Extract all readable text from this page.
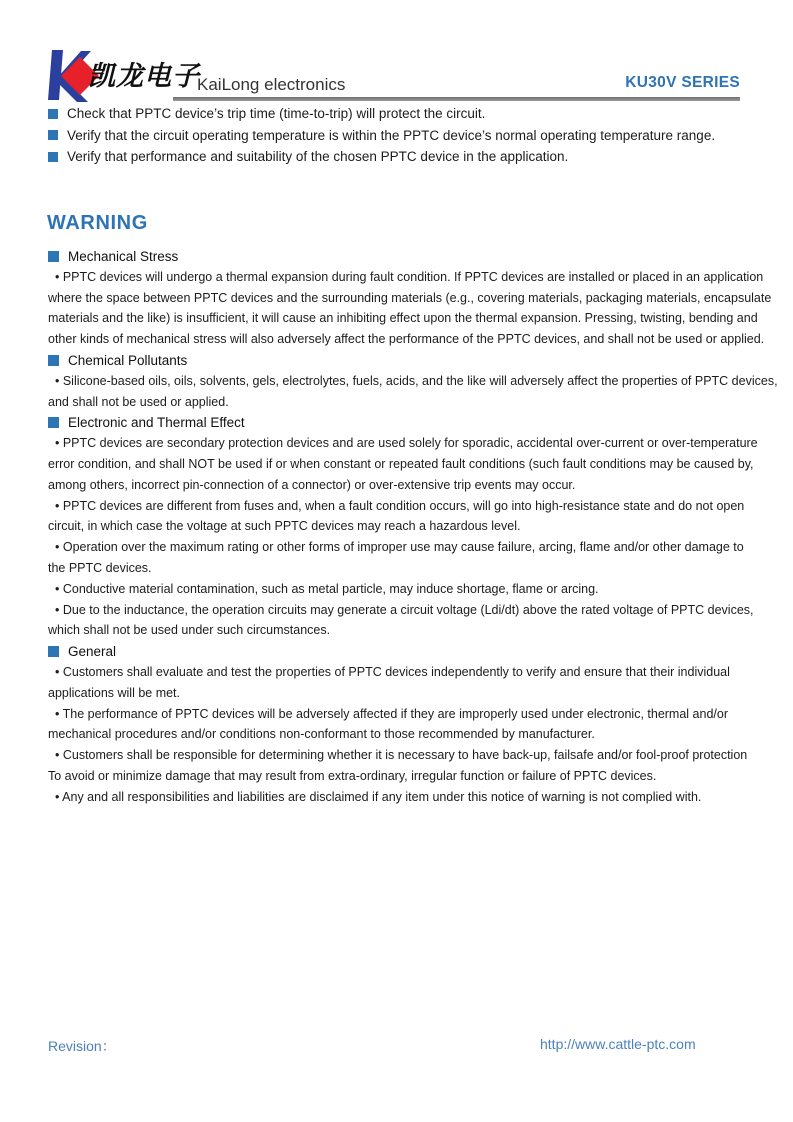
凯龙电子
KaiLong electronics	KU30V SERIES
Check that PPTC device’s trip time (time-to-trip) will protect the circuit.
Verify that the circuit operating temperature is within the PPTC device’s normal operating temperature range.
Verify that performance and suitability of the chosen PPTC device in the application.
WARNING
Mechanical Stress
• PPTC devices will undergo a thermal expansion during fault condition. If PPTC devices are installed or placed in an application
where the space between PPTC devices and the surrounding materials (e.g., covering materials, packaging materials, encapsulate
materials and the like) is insufficient, it will cause an inhibiting effect upon the thermal expansion. Pressing, twisting, bending and
other kinds of mechanical stress will also adversely affect the performance of the PPTC devices, and shall not be used or applied.
Chemical Pollutants
• Silicone-based oils, oils, solvents, gels, electrolytes, fuels, acids, and the like will adversely affect the properties of PPTC devices,
and shall not be used or applied.
Electronic and Thermal Effect
• PPTC devices are secondary protection devices and are used solely for sporadic, accidental over-current or over-temperature
error condition, and shall NOT be used if or when constant or repeated fault conditions (such fault conditions may be caused by,
among others, incorrect pin-connection of a connector) or over-extensive trip events may occur.
• PPTC devices are different from fuses and, when a fault condition occurs, will go into high-resistance state and do not open
circuit, in which case the voltage at such PPTC devices may reach a hazardous level.
• Operation over the maximum rating or other forms of improper use may cause failure, arcing, flame and/or other damage to
the PPTC devices.
• Conductive material contamination, such as metal particle, may induce shortage, flame or arcing.
• Due to the inductance, the operation circuits may generate a circuit voltage (Ldi/dt) above the rated voltage of PPTC devices,
which shall not be used under such circumstances.
General
• Customers shall evaluate and test the properties of PPTC devices independently to verify and ensure that their individual
applications will be met.
• The performance of PPTC devices will be adversely affected if they are improperly used under electronic, thermal and/or
mechanical procedures and/or conditions non-conformant to those recommended by manufacturer.
• Customers shall be responsible for determining whether it is necessary to have back-up, failsafe and/or fool-proof protection
To avoid or minimize damage that may result from extra-ordinary, irregular function or failure of PPTC devices.
• Any and all responsibilities and liabilities are disclaimed if any item under this notice of warning is not complied with.
Revision：	http://www.cattle-ptc.com
